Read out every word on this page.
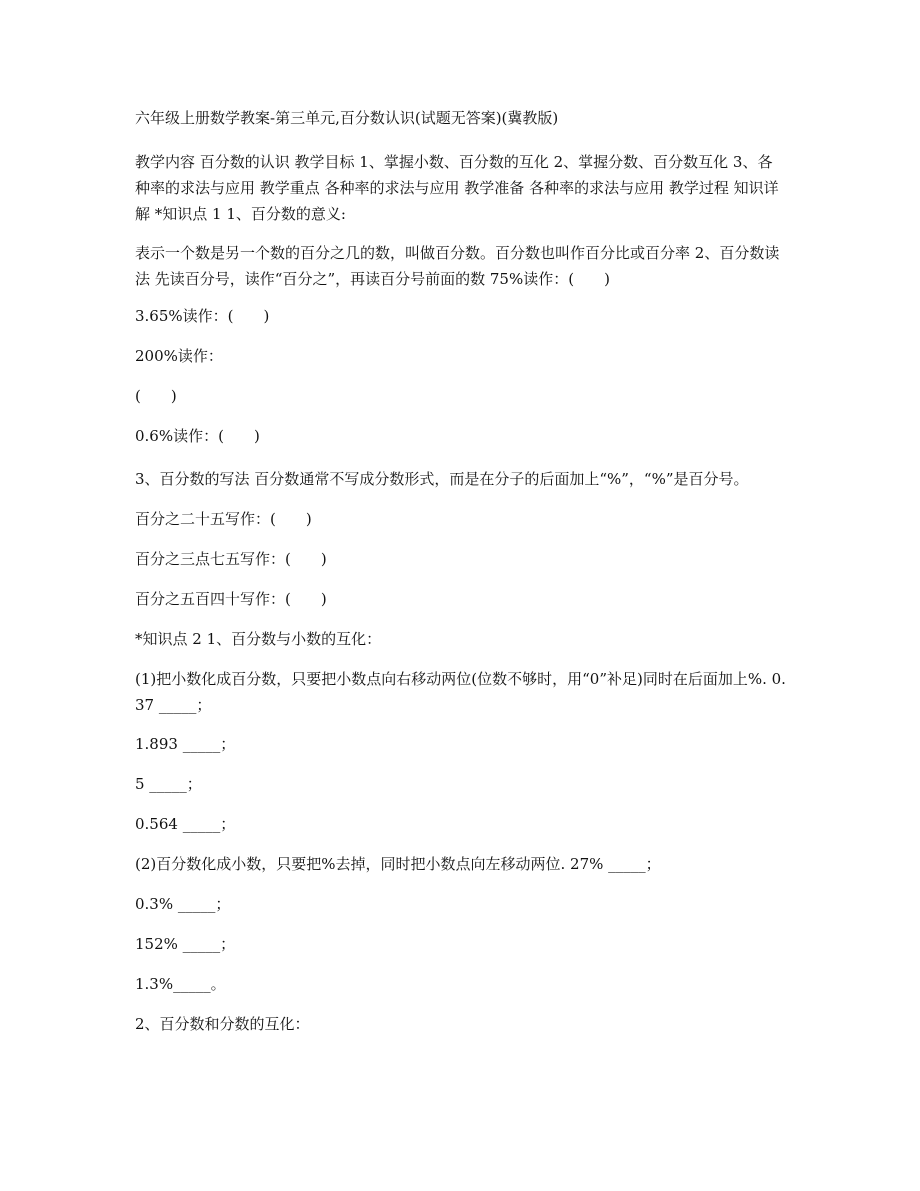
六年级上册数学教案-第三单元,百分数认识(试题无答案)(冀教版)

教学内容 百分数的认识 教学目标 1、掌握小数、百分数的互化 2、掌握分数、百分数互化 3、各种率的求法与应用 教学重点 各种率的求法与应用 教学准备 各种率的求法与应用 教学过程 知识详解 *知识点 1 1、百分数的意义:

表示一个数是另一个数的百分之几的数，叫做百分数。百分数也叫作百分比或百分率 2、百分数读法 先读百分号，读作“百分之”，再读百分号前面的数 75%读作：(　　)

3.65%读作：(　　)

200%读作：

(　　)

0.6%读作：(　　)

3、百分数的写法 百分数通常不写成分数形式，而是在分子的后面加上“%”，“%”是百分号。

百分之二十五写作：(　　)

百分之三点七五写作：(　　)

百分之五百四十写作：(　　)

*知识点 2 1、百分数与小数的互化：

(1)把小数化成百分数，只要把小数点向右移动两位(位数不够时，用“0”补足)同时在后面加上%. 0.37 _____；

1.893 _____；

5 _____；

0.564 _____；

(2)百分数化成小数，只要把%去掉，同时把小数点向左移动两位. 27% _____；

0.3% _____；

152% _____；

1.3%_____。

2、百分数和分数的互化：
